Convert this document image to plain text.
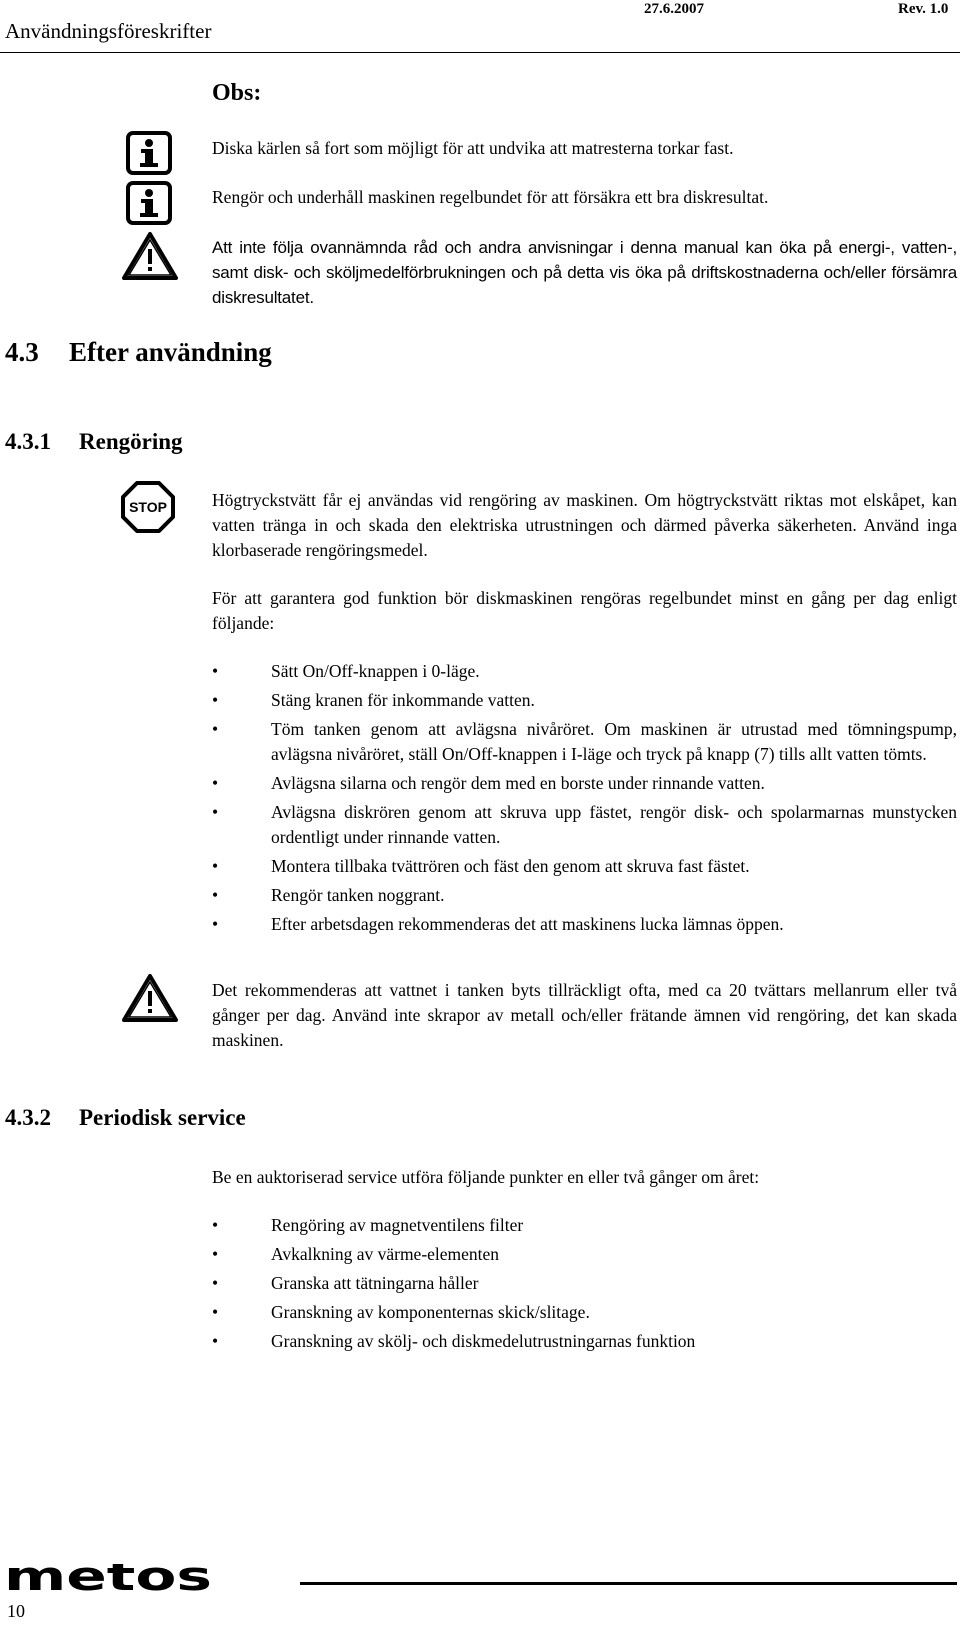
Användningsföreskrifter
27.6.2007	Rev. 1.0
Obs:
Diska kärlen så fort som möjligt för att undvika att matresterna torkar fast.
Rengör och underhåll maskinen regelbundet för att försäkra ett bra diskresultat.
Att inte följa ovannämnda råd och andra anvisningar i denna manual kan öka på energi-, vatten-, samt disk- och sköljmedelförbrukningen och på detta vis öka på driftskostnaderna och/eller försämra diskresultatet.
4.3 Efter användning
4.3.1 Rengöring
STOP	Högtryckstvätt får ej användas vid rengöring av maskinen. Om högtryckstvätt riktas mot elskåpet, kan vatten tränga in och skada den elektriska utrustningen och därmed påverka säkerheten. Använd inga klorbaserade rengöringsmedel.
För att garantera god funktion bör diskmaskinen rengöras regelbundet minst en gång per dag enligt följande:
•	Sätt On/Off-knappen i 0-läge.
•	Stäng kranen för inkommande vatten.
•	Töm tanken genom att avlägsna nivåröret. Om maskinen är utrustad med tömningspump, avlägsna nivåröret, ställ On/Off-knappen i I-läge och tryck på knapp (7) tills allt vatten tömts.
•	Avlägsna silarna och rengör dem med en borste under rinnande vatten.
•	Avlägsna diskrören genom att skruva upp fästet, rengör disk- och spolarmarnas munstycken ordentligt under rinnande vatten.
•	Montera tillbaka tvättrören och fäst den genom att skruva fast fästet.
•	Rengör tanken noggrant.
•	Efter arbetsdagen rekommenderas det att maskinens lucka lämnas öppen.
Det rekommenderas att vattnet i tanken byts tillräckligt ofta, med ca 20 tvättars mellanrum eller två gånger per dag. Använd inte skrapor av metall och/eller frätande ämnen vid rengöring, det kan skada maskinen.
4.3.2 Periodisk service
Be en auktoriserad service utföra följande punkter en eller två gånger om året:
•	Rengöring av magnetventilens filter
•	Avkalkning av värme-elementen
•	Granska att tätningarna håller
•	Granskning av komponenternas skick/slitage.
•	Granskning av skölj- och diskmedelutrustningarnas funktion
metos
10
